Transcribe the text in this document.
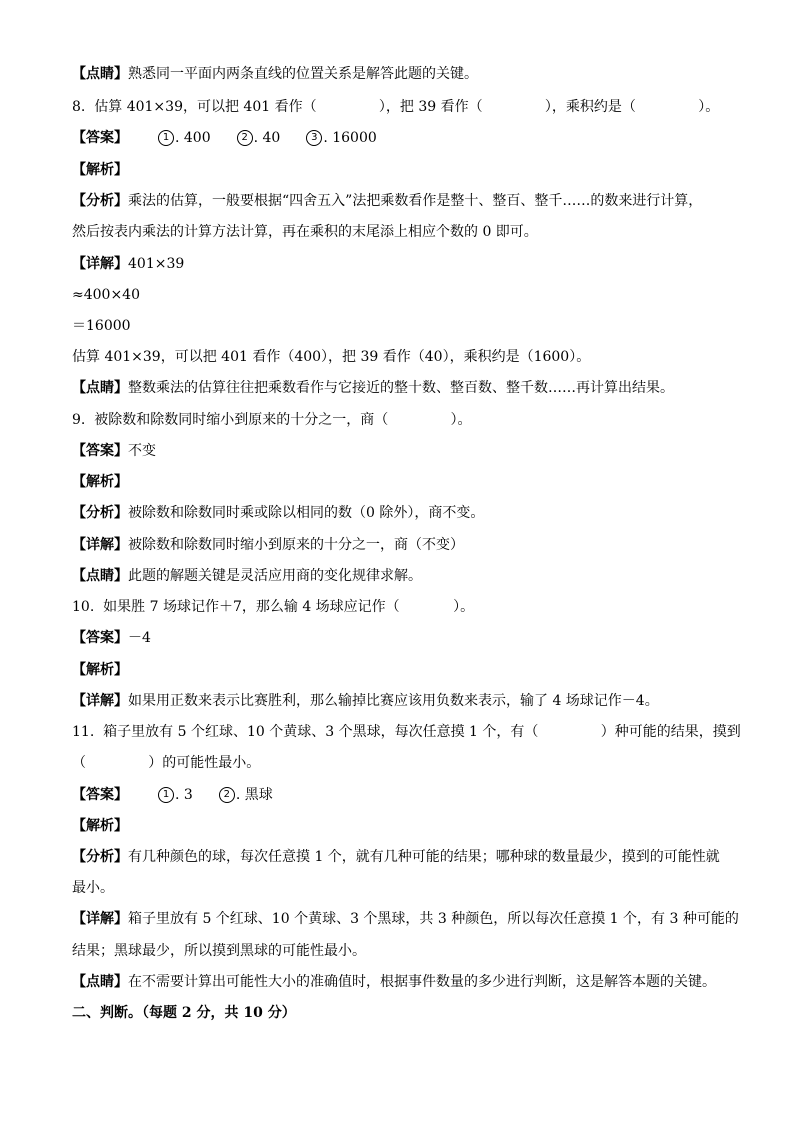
【点睛】熟悉同一平面内两条直线的位置关系是解答此题的关键。
8.  估算 401×39，可以把 401 看作（              ），把 39 看作（              ），乘积约是（              ）。
【答案】	1 . 400	2 . 40	3 . 16000
【解析】
【分析】乘法的估算，一般要根据“四舍五入”法把乘数看作是整十、整百、整千……的数来进行计算，
然后按表内乘法的计算方法计算，再在乘积的末尾添上相应个数的 0 即可。
【详解】401×39
≈400×40
＝16000
估算 401×39，可以把 401 看作（400），把 39 看作（40），乘积约是（1600）。
【点睛】整数乘法的估算往往把乘数看作与它接近的整十数、整百数、整千数……再计算出结果。
9.  被除数和除数同时缩小到原来的十分之一，商（              ）。
【答案】不变
【解析】
【分析】被除数和除数同时乘或除以相同的数（0 除外），商不变。
【详解】被除数和除数同时缩小到原来的十分之一，商（不变）
【点睛】此题的解题关键是灵活应用商的变化规律求解。
10.  如果胜 7 场球记作＋7，那么输 4 场球应记作（            ）。
【答案】－4
【解析】
【详解】如果用正数来表示比赛胜利，那么输掉比赛应该用负数来表示，输了 4 场球记作－4。
11.  箱子里放有 5 个红球、10 个黄球、3 个黑球，每次任意摸 1 个，有（              ）种可能的结果，摸到
（              ）的可能性最小。
【答案】	1 . 3	2 . 黑球
【解析】
【分析】有几种颜色的球，每次任意摸 1 个，就有几种可能的结果；哪种球的数量最少，摸到的可能性就
最小。
【详解】箱子里放有 5 个红球、10 个黄球、3 个黑球，共 3 种颜色，所以每次任意摸 1 个，有 3 种可能的
结果；黑球最少，所以摸到黑球的可能性最小。
【点睛】在不需要计算出可能性大小的准确值时，根据事件数量的多少进行判断，这是解答本题的关键。
二、判断。（每题 2 分，共 10 分）
